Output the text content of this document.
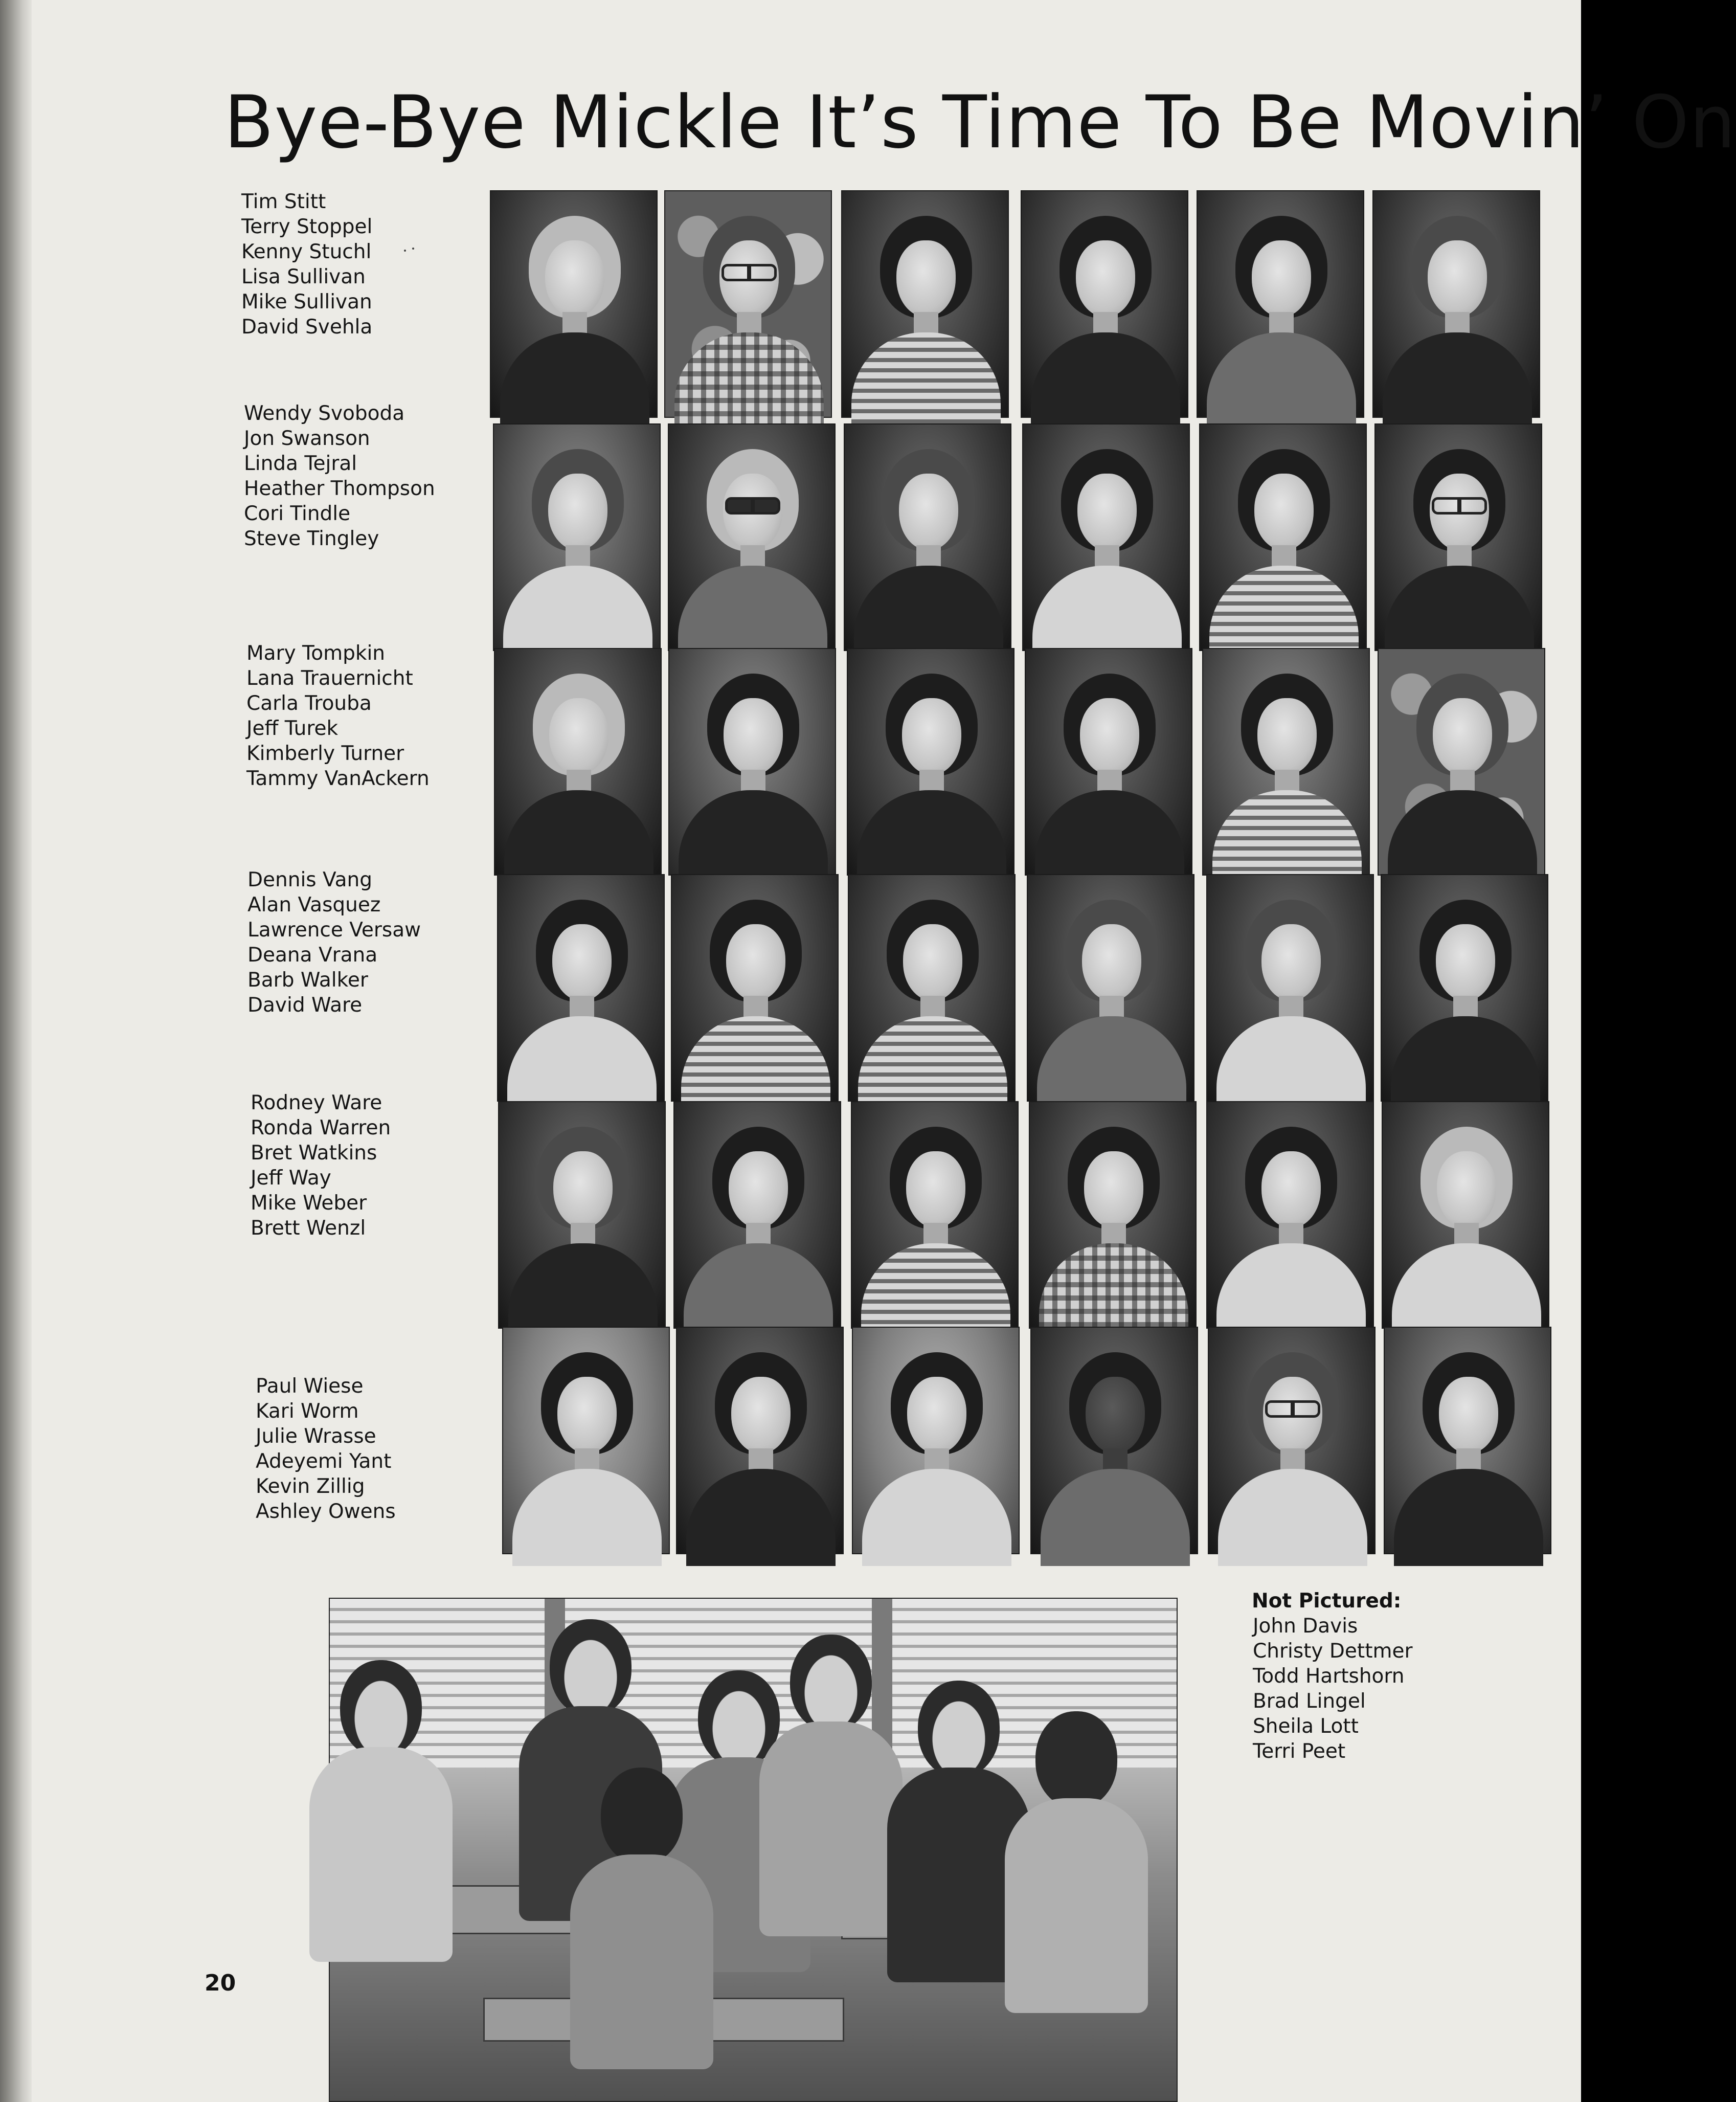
Bye-Bye Mickle It’s Time To Be Movin’ On
Tim Stitt
Terry Stoppel
Kenny Stuchl
Lisa Sullivan
Mike Sullivan
David Svehla
Wendy Svoboda
Jon Swanson
Linda Tejral
Heather Thompson
Cori Tindle
Steve Tingley
Mary Tompkin
Lana Trauernicht
Carla Trouba
Jeff Turek
Kimberly Turner
Tammy VanAckern
Dennis Vang
Alan Vasquez
Lawrence Versaw
Deana Vrana
Barb Walker
David Ware
Rodney Ware
Ronda Warren
Bret Watkins
Jeff Way
Mike Weber
Brett Wenzl
Paul Wiese
Kari Worm
Julie Wrasse
Adeyemi Yant
Kevin Zillig
Ashley Owens
Not Pictured:
John Davis
Christy Dettmer
Todd Hartshorn
Brad Lingel
Sheila Lott
Terri Peet
20
